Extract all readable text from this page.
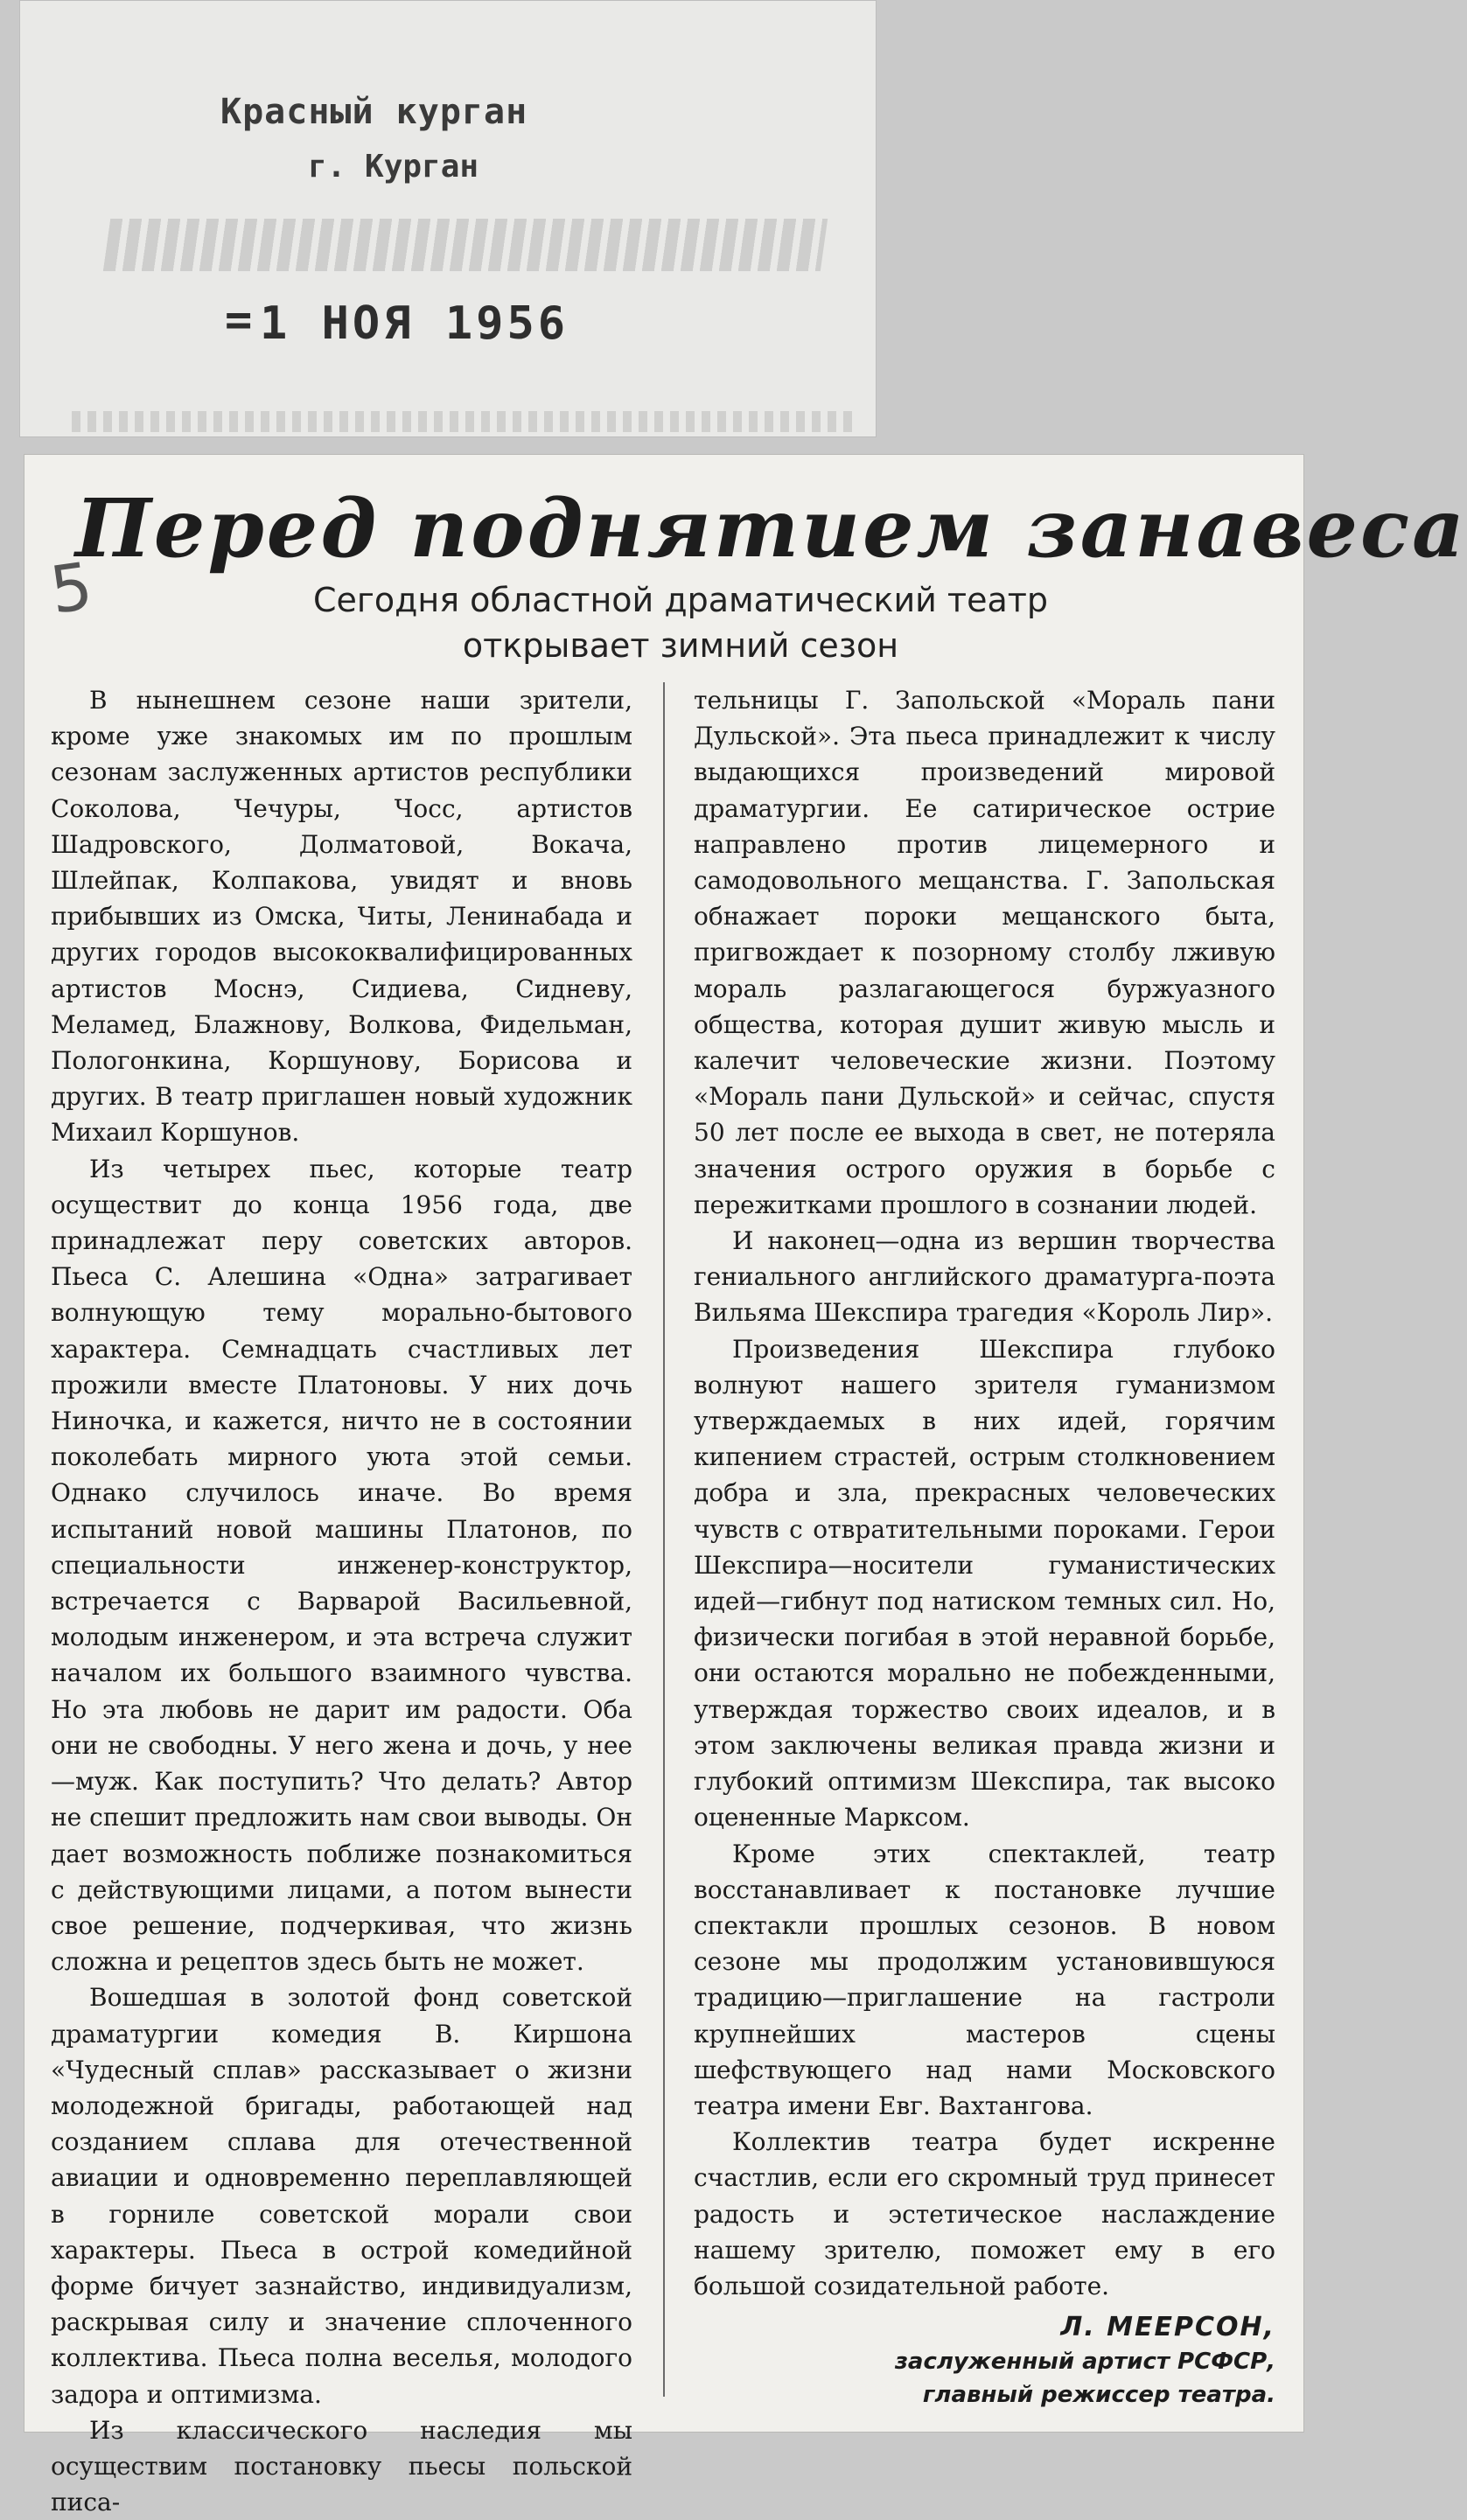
Красный курган
г. Курган
= 1 НОЯ 1956
Перед поднятием занавеса
5	Сегодня областной драматический театр
открывает зимний сезон

В нынешнем сезоне наши зрители, кроме уже знакомых им по прошлым сезонам заслуженных артистов республики Соколова, Чечуры, Чосс, артистов Шадровского, Долматовой, Вокача, Шлейпак, Колпакова, увидят и вновь прибывших из Омска, Читы, Ленинабада и других городов высококвалифицированных артистов Моснэ, Сидиева, Сидневу, Меламед, Блажнову, Волкова, Фидельман, Пологонкина, Коршунову, Борисова и других. В театр приглашен новый художник Михаил Коршунов.

Из четырех пьес, которые театр осуществит до конца 1956 года, две принадлежат перу советских авторов. Пьеса С. Алешина «Одна» затрагивает волнующую тему морально-бытового характера. Семнадцать счастливых лет прожили вместе Платоновы. У них дочь Ниночка, и кажется, ничто не в состоянии поколебать мирного уюта этой семьи. Однако случилось иначе. Во время испытаний новой машины Платонов, по специальности инженер-конструктор, встречается с Варварой Васильевной, молодым инженером, и эта встреча служит началом их большого взаимного чувства. Но эта любовь не дарит им радости. Оба они не свободны. У него жена и дочь, у нее—муж. Как поступить? Что делать? Автор не спешит предложить нам свои выводы. Он дает возможность поближе познакомиться с действующими лицами, а потом вынести свое решение, подчеркивая, что жизнь сложна и рецептов здесь быть не может.

Вошедшая в золотой фонд советской драматургии комедия В. Киршона «Чудесный сплав» рассказывает о жизни молодежной бригады, работающей над созданием сплава для отечественной авиации и одновременно переплавляющей в горниле советской морали свои характеры. Пьеса в острой комедийной форме бичует зазнайство, индивидуализм, раскрывая силу и значение сплоченного коллектива. Пьеса полна веселья, молодого задора и оптимизма.

Из классического наследия мы осуществим постановку пьесы польской писа-

тельницы Г. Запольской «Мораль пани Дульской». Эта пьеса принадлежит к числу выдающихся произведений мировой драматургии. Ее сатирическое острие направлено против лицемерного и самодовольного мещанства. Г. Запольская обнажает пороки мещанского быта, пригвождает к позорному столбу лживую мораль разлагающегося буржуазного общества, которая душит живую мысль и калечит человеческие жизни. Поэтому «Мораль пани Дульской» и сейчас, спустя 50 лет после ее выхода в свет, не потеряла значения острого оружия в борьбе с пережитками прошлого в сознании людей.

И наконец—одна из вершин творчества гениального английского драматурга-поэта Вильяма Шекспира трагедия «Король Лир».

Произведения Шекспира глубоко волнуют нашего зрителя гуманизмом утверждаемых в них идей, горячим кипением страстей, острым столкновением добра и зла, прекрасных человеческих чувств с отвратительными пороками. Герои Шекспира—носители гуманистических идей—гибнут под натиском темных сил. Но, физически погибая в этой неравной борьбе, они остаются морально не побежденными, утверждая торжество своих идеалов, и в этом заключены великая правда жизни и глубокий оптимизм Шекспира, так высоко оцененные Марксом.

Кроме этих спектаклей, театр восстанавливает к постановке лучшие спектакли прошлых сезонов. В новом сезоне мы продолжим установившуюся традицию—приглашение на гастроли крупнейших мастеров сцены шефствующего над нами Московского театра имени Евг. Вахтангова.

Коллектив театра будет искренне счастлив, если его скромный труд принесет радость и эстетическое наслаждение нашему зрителю, поможет ему в его большой созидательной работе.

Л. МЕЕРСОН,
заслуженный артист РСФСР,
главный режиссер театра.
